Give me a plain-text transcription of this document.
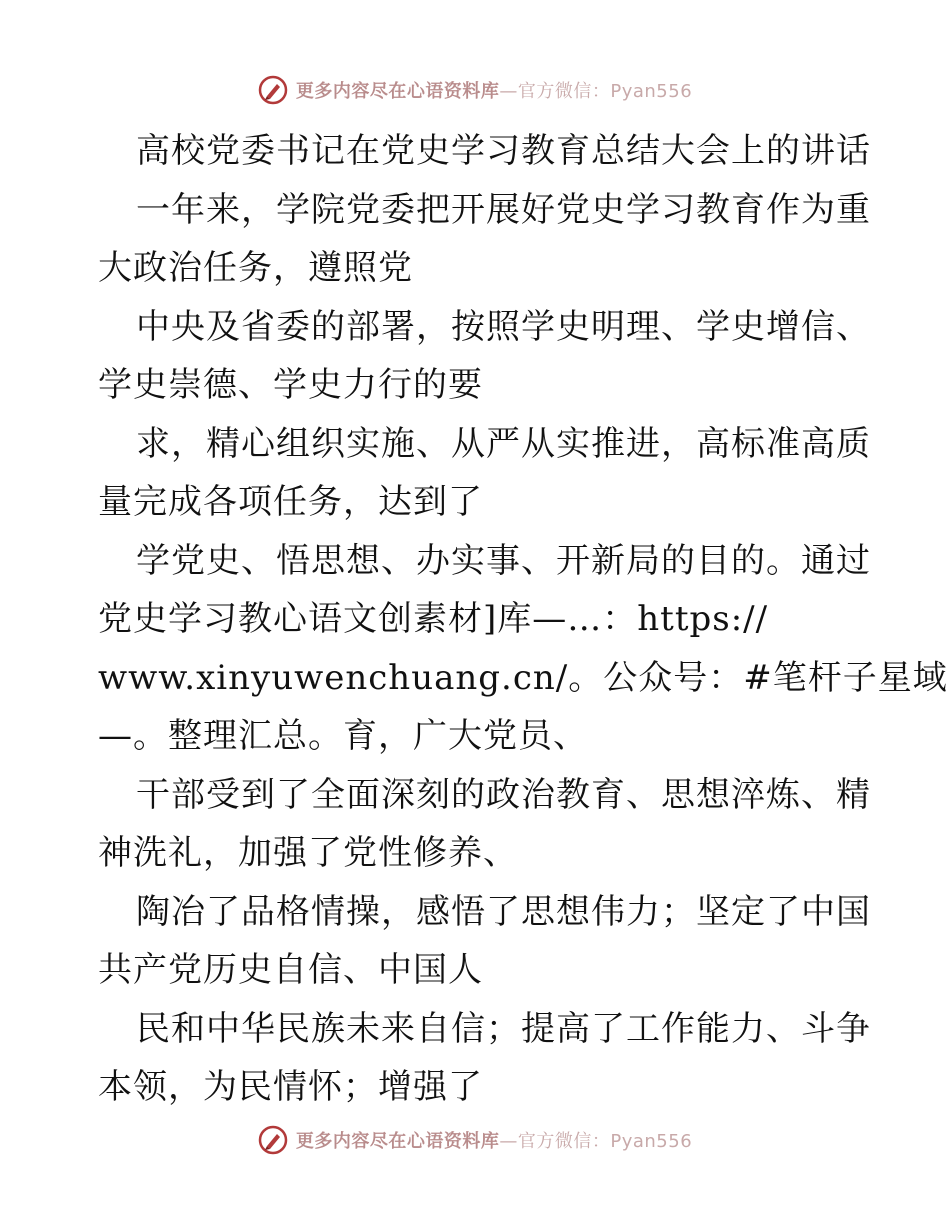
更多内容尽在心语资料库—官方微信：Pyan556
高校党委书记在党史学习教育总结大会上的讲话
一年来，学院党委把开展好党史学习教育作为重
大政治任务，遵照党
中央及省委的部署，按照学史明理、学史增信、
学史崇德、学史力行的要
求，精心组织实施、从严从实推进，高标准高质
量完成各项任务，达到了
学党史、悟思想、办实事、开新局的目的。通过
党史学习教心语文创素材]库—…：https://
www.xinyuwenchuang.cn/。公众号：#笔杆子星域
—。整理汇总。育，广大党员、
干部受到了全面深刻的政治教育、思想淬炼、精
神洗礼，加强了党性修养、
陶冶了品格情操，感悟了思想伟力；坚定了中国
共产党历史自信、中国人
民和中华民族未来自信；提高了工作能力、斗争
本领，为民情怀；增强了
更多内容尽在心语资料库—官方微信：Pyan556
